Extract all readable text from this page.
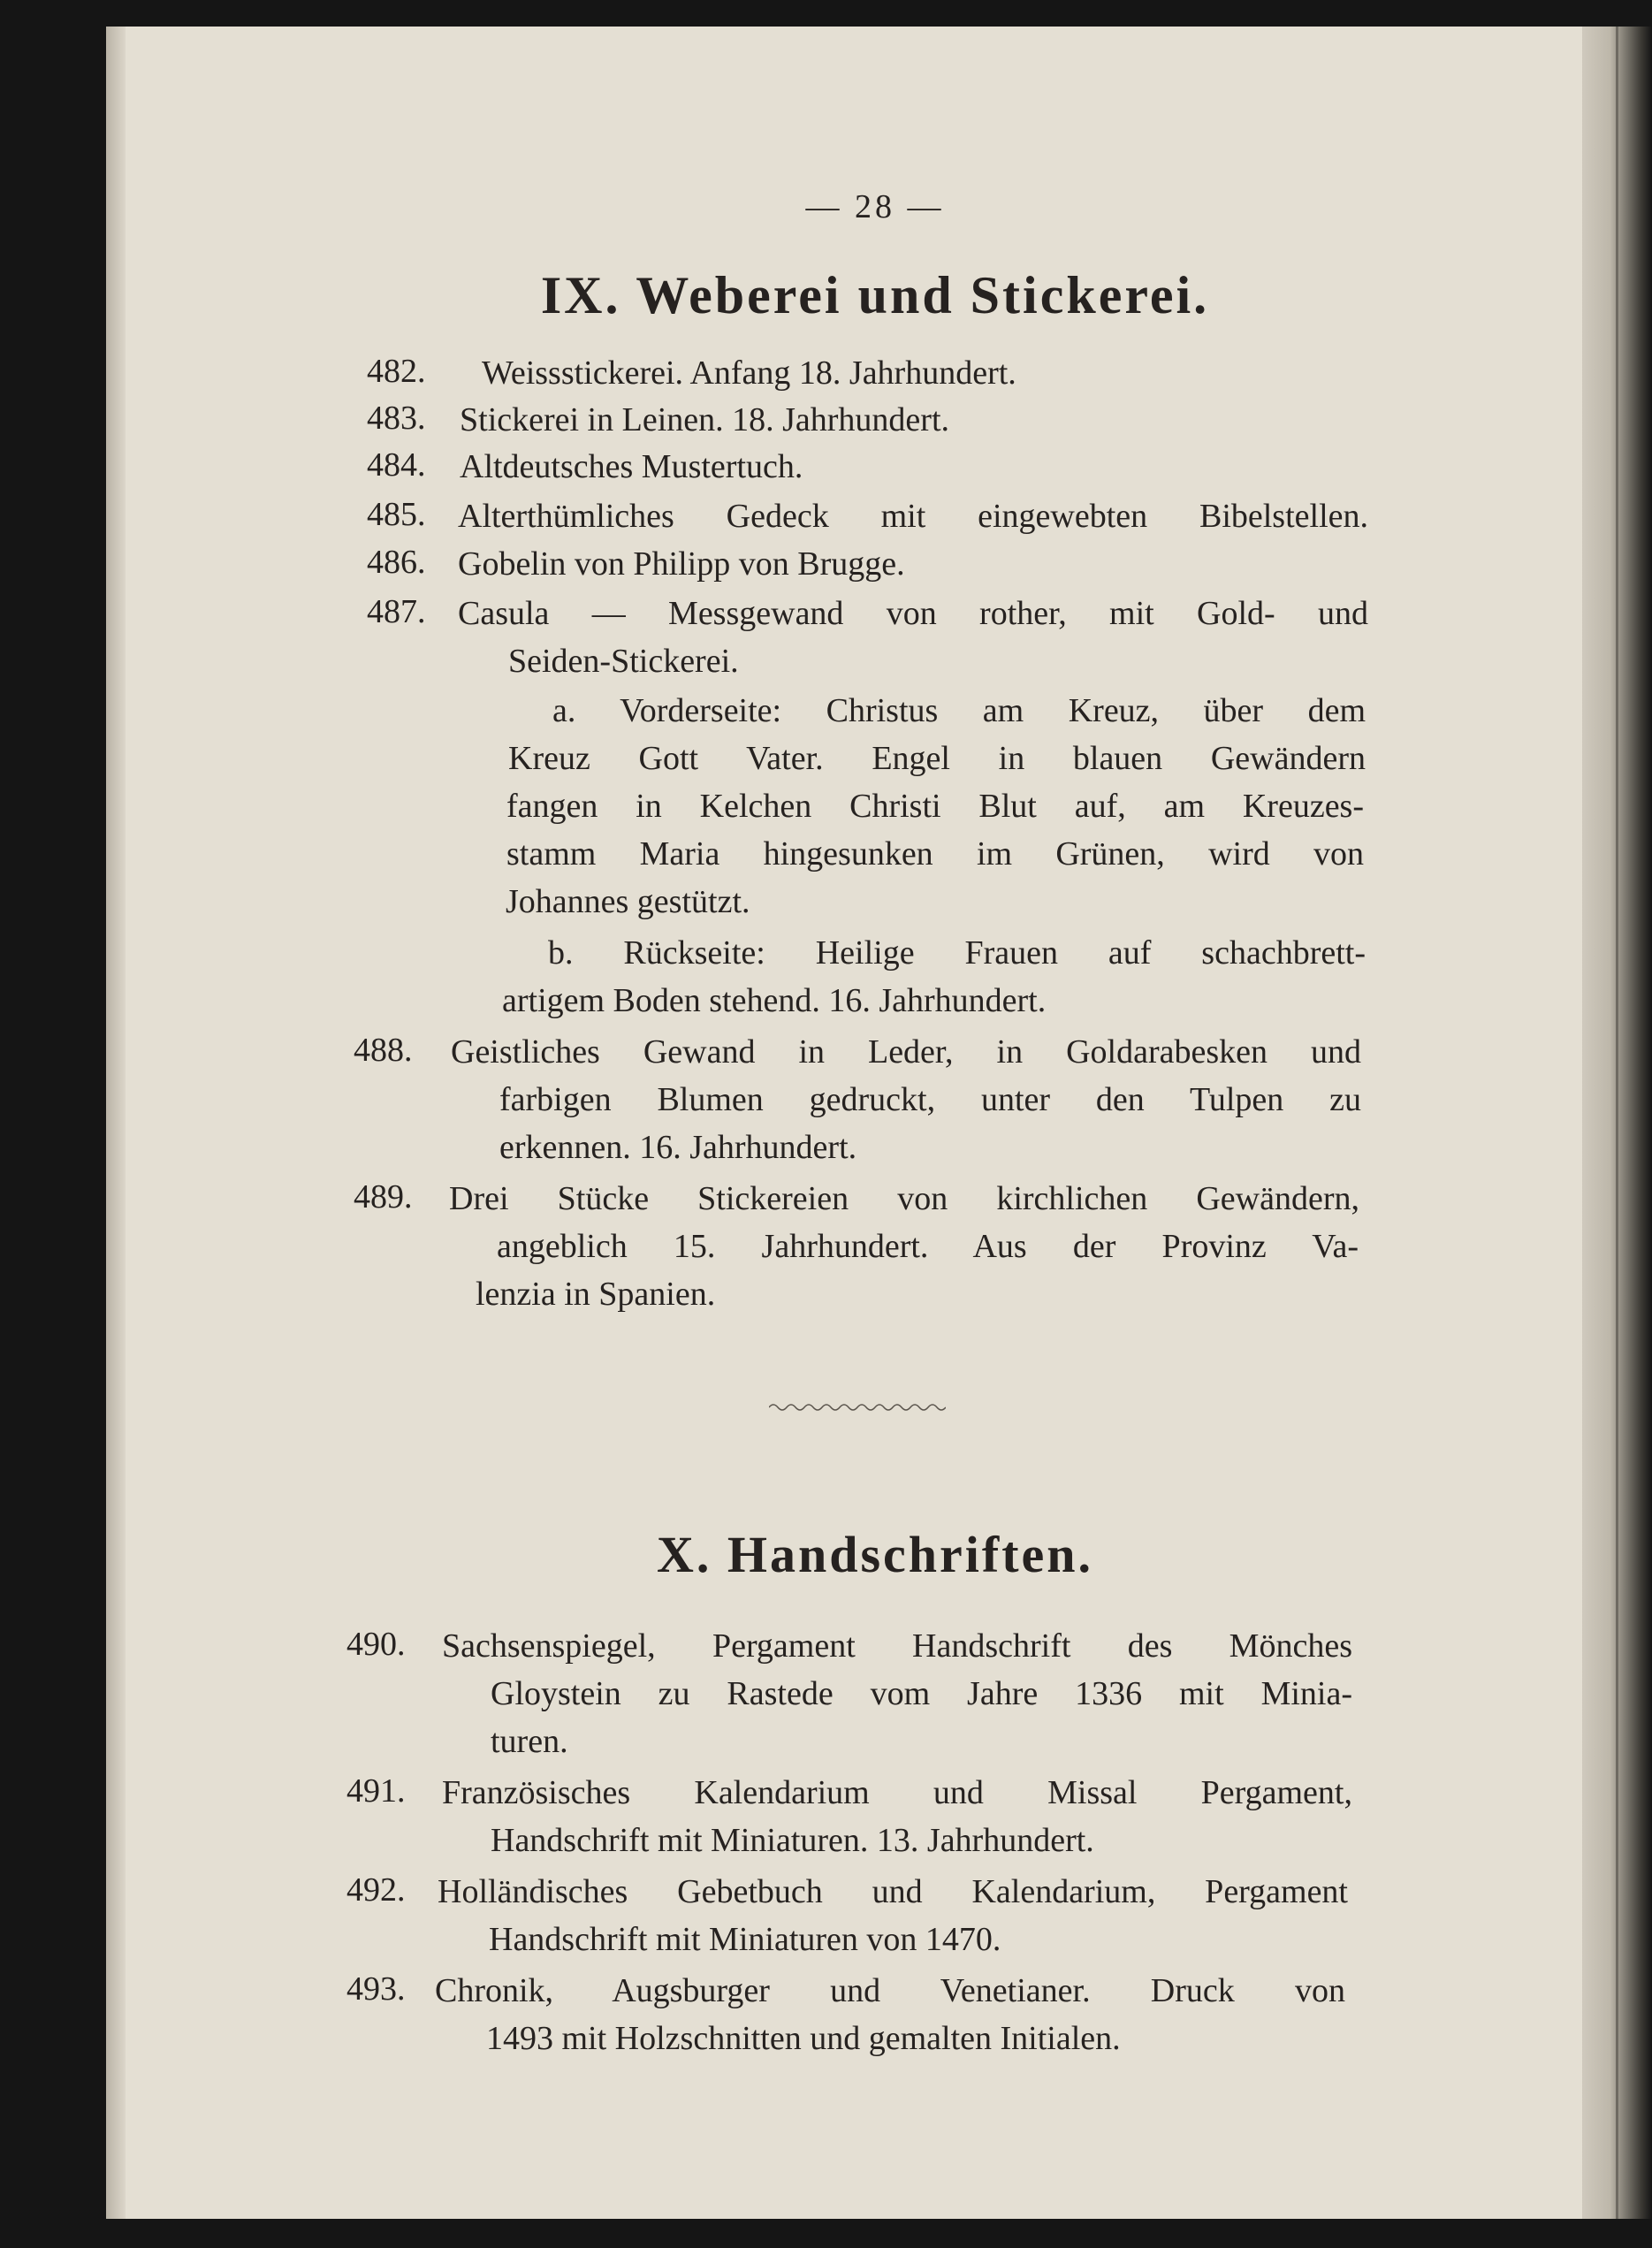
— 28 —
IX. Weberei und Stickerei.
482. Weissstickerei. Anfang 18. Jahrhundert.
483. Stickerei in Leinen. 18. Jahrhundert.
484. Altdeutsches Mustertuch.
485. Alterthümliches Gedeck mit eingewebten Bibelstellen.
486. Gobelin von Philipp von Brugge.
487. Casula — Messgewand von rother, mit Gold- und
Seiden-Stickerei.
a. Vorderseite: Christus am Kreuz, über dem
Kreuz Gott Vater. Engel in blauen Gewändern
fangen in Kelchen Christi Blut auf, am Kreuzes-
stamm Maria hingesunken im Grünen, wird von
Johannes gestützt.
b. Rückseite: Heilige Frauen auf schachbrett-
artigem Boden stehend. 16. Jahrhundert.
488. Geistliches Gewand in Leder, in Goldarabesken und
farbigen Blumen gedruckt, unter den Tulpen zu
erkennen. 16. Jahrhundert.
489. Drei Stücke Stickereien von kirchlichen Gewändern,
angeblich 15. Jahrhundert. Aus der Provinz Va-
lenzia in Spanien.
X. Handschriften.
490. Sachsenspiegel, Pergament Handschrift des Mönches
Gloystein zu Rastede vom Jahre 1336 mit Minia-
turen.
491. Französisches Kalendarium und Missal Pergament,
Handschrift mit Miniaturen. 13. Jahrhundert.
492. Holländisches Gebetbuch und Kalendarium, Pergament
Handschrift mit Miniaturen von 1470.
493. Chronik, Augsburger und Venetianer. Druck von
1493 mit Holzschnitten und gemalten Initialen.
